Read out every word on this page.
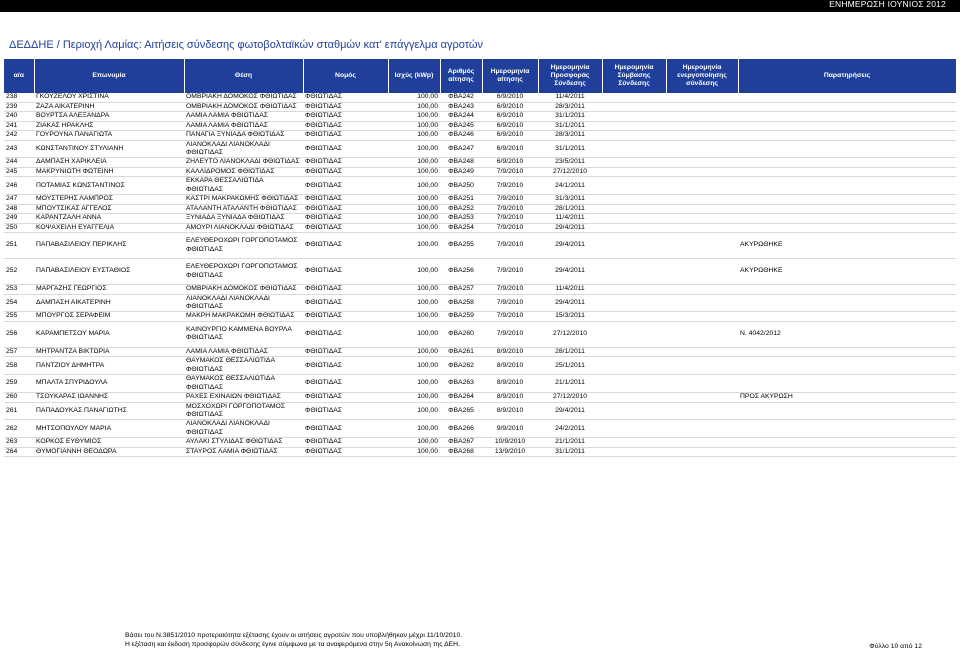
ΕΝΗΜΕΡΩΣΗ ΙΟΥΝΙΟΣ 2012
ΔΕΔΔΗΕ / Περιοχή Λαμίας: Αιτήσεις σύνδεσης φωτοβολταϊκών σταθμών κατ' επάγγελμα αγροτών
α/α	Επωνυμία	Θέση	Νομός	Ισχύς (kWp)	Αριθμός αίτησης	Ημερομηνία αίτησης	Ημερομηνία Προσφοράς Σύνδεσης	Ημερομηνία Σύμβασης Σύνδεσης	Ημερομηνία ενεργοποίησης σύνδεσης	Παρατηρήσεις
238	ΓΚΟΥΖΕΛΟΥ ΧΡΙΣΤΙΝΑ	ΟΜΒΡΙΑΚΗ ΔΟΜΟΚΟΣ ΦΘΙΩΤΙΔΑΣ	ΦΘΙΩΤΙΔΑΣ	100,00	ΦΒΑ242	6/9/2010	11/4/2011			
239	ΖΑΖΑ ΑΙΚΑΤΕΡΙΝΗ	ΟΜΒΡΙΑΚΗ ΔΟΜΟΚΟΣ ΦΘΙΩΤΙΔΑΣ	ΦΘΙΩΤΙΔΑΣ	100,00	ΦΒΑ243	6/9/2010	28/3/2011			
240	ΒΟΥΡΤΣΑ ΑΛΕΞΑΝΔΡΑ	ΛΑΜΙΑ ΛΑΜΙΑ ΦΘΙΩΤΙΔΑΣ	ΦΘΙΩΤΙΔΑΣ	100,00	ΦΒΑ244	6/9/2010	31/1/2011			
241	ΖΙΑΚΑΣ ΗΡΑΚΛΗΣ	ΛΑΜΙΑ ΛΑΜΙΑ ΦΘΙΩΤΙΔΑΣ	ΦΘΙΩΤΙΔΑΣ	100,00	ΦΒΑ245	6/9/2010	31/1/2011			
242	ΓΟΥΡΟΥΝΑ ΠΑΝΑΓΙΩΤΑ	ΠΑΝΑΓΙΑ ΞΥΝΙΑΔΑ ΦΘΙΩΤΙΔΑΣ	ΦΘΙΩΤΙΔΑΣ	100,00	ΦΒΑ246	6/9/2010	28/3/2011			
243	ΚΩΝΣΤΑΝΤΙΝΟΥ ΣΤΥΛΙΑΝΗ	ΛΙΑΝΟΚΛΑΔΙ ΛΙΑΝΟΚΛΑΔΙ ΦΘΙΩΤΙΔΑΣ	ΦΘΙΩΤΙΔΑΣ	100,00	ΦΒΑ247	6/9/2010	31/1/2011			
244	ΔΑΜΠΑΣΗ ΧΑΡΙΚΛΕΙΑ	ΖΗΛΕΥΤΟ ΛΙΑΝΟΚΛΑΔΙ ΦΘΙΩΤΙΔΑΣ	ΦΘΙΩΤΙΔΑΣ	100,00	ΦΒΑ248	6/9/2010	23/5/2011			
245	ΜΑΚΡΥΝΙΩΤΗ ΦΩΤΕΙΝΗ	ΚΑΛΛΙΔΡΟΜΟΣ ΦΘΙΩΤΙΔΑΣ	ΦΘΙΩΤΙΔΑΣ	100,00	ΦΒΑ249	7/9/2010	27/12/2010			
246	ΠΟΤΑΜΙΑΣ ΚΩΝΣΤΑΝΤΙΝΟΣ	ΕΚΚΑΡΑ ΘΕΣΣΑΛΙΩΤΙΔΑ ΦΘΙΩΤΙΔΑΣ	ΦΘΙΩΤΙΔΑΣ	100,00	ΦΒΑ250	7/9/2010	24/1/2011			
247	ΜΟΥΣΤΕΡΗΣ ΛΑΜΠΡΟΣ	ΚΑΣΤΡΙ ΜΑΚΡΑΚΩΜΗΣ ΦΘΙΩΤΙΔΑΣ	ΦΘΙΩΤΙΔΑΣ	100,00	ΦΒΑ251	7/9/2010	31/3/2011			
248	ΜΠΟΥΤΣΙΚΑΣ ΑΓΓΕΛΟΣ	ΑΤΑΛΑΝΤΗ ΑΤΑΛΑΝΤΗ ΦΘΙΩΤΙΔΑΣ	ΦΘΙΩΤΙΔΑΣ	100,00	ΦΒΑ252	7/9/2010	28/1/2011			
249	ΚΑΡΑΝΤΖΑΛΗ ΑΝΝΑ	ΞΥΝΙΑΔΑ ΞΥΝΙΑΔΑ ΦΘΙΩΤΙΔΑΣ	ΦΘΙΩΤΙΔΑΣ	100,00	ΦΒΑ253	7/9/2010	11/4/2011			
250	ΚΟΨΑΧΕΙΛΗ ΕΥΑΓΓΕΛΙΑ	ΑΜΟΥΡΙ ΛΙΑΝΟΚΛΑΔΙ ΦΘΙΩΤΙΔΑΣ	ΦΘΙΩΤΙΔΑΣ	100,00	ΦΒΑ254	7/9/2010	29/4/2011			
251	ΠΑΠΑΒΑΣΙΛΕΙΟΥ ΠΕΡΙΚΛΗΣ	ΕΛΕΥΘΕΡΟΧΩΡΙ ΓΟΡΓΟΠΟΤΑΜΟΣ ΦΘΙΩΤΙΔΑΣ	ΦΘΙΩΤΙΔΑΣ	100,00	ΦΒΑ255	7/9/2010	29/4/2011			ΑΚΥΡΩΘΗΚΕ
252	ΠΑΠΑΒΑΣΙΛΕΙΟΥ ΕΥΣΤΑΘΙΟΣ	ΕΛΕΥΘΕΡΟΧΩΡΙ ΓΟΡΓΟΠΟΤΑΜΟΣ ΦΘΙΩΤΙΔΑΣ	ΦΘΙΩΤΙΔΑΣ	100,00	ΦΒΑ256	7/9/2010	29/4/2011			ΑΚΥΡΩΘΗΚΕ
253	ΜΑΡΓΑΖΗΣ ΓΕΩΡΓΙΟΣ	ΟΜΒΡΙΑΚΗ ΔΟΜΟΚΟΣ ΦΘΙΩΤΙΔΑΣ	ΦΘΙΩΤΙΔΑΣ	100,00	ΦΒΑ257	7/9/2010	11/4/2011			
254	ΔΑΜΠΑΣΗ ΑΙΚΑΤΕΡΙΝΗ	ΛΙΑΝΟΚΛΑΔΙ ΛΙΑΝΟΚΛΑΔΙ ΦΘΙΩΤΙΔΑΣ	ΦΘΙΩΤΙΔΑΣ	100,00	ΦΒΑ258	7/9/2010	29/4/2011			
255	ΜΠΟΥΡΓΟΣ ΣΕΡΑΦΕΙΜ	ΜΑΚΡΗ ΜΑΚΡΑΚΩΜΗ ΦΘΙΩΤΙΔΑΣ	ΦΘΙΩΤΙΔΑΣ	100,00	ΦΒΑ259	7/9/2010	15/3/2011			
256	ΚΑΡΑΜΠΕΤΣΟΥ ΜΑΡΙΑ	ΚΑΙΝΟΥΡΓΙΟ ΚΑΜΜΕΝΑ ΒΟΥΡΛΑ ΦΘΙΩΤΙΔΑΣ	ΦΘΙΩΤΙΔΑΣ	100,00	ΦΒΑ260	7/9/2010	27/12/2010			Ν. 4042/2012
257	ΜΗΤΡΑΝΤΖΑ ΒΙΚΤΩΡΙΑ	ΛΑΜΙΑ ΛΑΜΙΑ ΦΘΙΩΤΙΔΑΣ	ΦΘΙΩΤΙΔΑΣ	100,00	ΦΒΑ261	8/9/2010	28/1/2011			
258	ΠΑΝΤΖΙΟΥ ΔΗΜΗΤΡΑ	ΘΑΥΜΑΚΟΣ ΘΕΣΣΑΛΙΩΤΙΔΑ ΦΘΙΩΤΙΔΑΣ	ΦΘΙΩΤΙΔΑΣ	100,00	ΦΒΑ262	8/9/2010	25/1/2011			
259	ΜΠΑΛΤΑ ΣΠΥΡΙΔΟΥΛΑ	ΘΑΥΜΑΚΟΣ ΘΕΣΣΑΛΙΩΤΙΔΑ ΦΘΙΩΤΙΔΑΣ	ΦΘΙΩΤΙΔΑΣ	100,00	ΦΒΑ263	8/9/2010	21/1/2011			
260	ΤΣΟΥΚΑΡΑΣ ΙΩΑΝΝΗΣ	ΡΑΧΕΣ ΕΧΙΝΑΙΩΝ ΦΘΙΩΤΙΔΑΣ	ΦΘΙΩΤΙΔΑΣ	100,00	ΦΒΑ264	8/9/2010	27/12/2010			ΠΡΟΣ ΑΚΥΡΩΣΗ
261	ΠΑΠΑΔΟΥΚΑΣ ΠΑΝΑΓΙΩΤΗΣ	ΜΟΣΧΟΧΩΡΙ ΓΟΡΓΟΠΟΤΑΜΟΣ ΦΘΙΩΤΙΔΑΣ	ΦΘΙΩΤΙΔΑΣ	100,00	ΦΒΑ265	8/9/2010	29/4/2011			
262	ΜΗΤΣΟΠΟΥΛΟΥ ΜΑΡΙΑ	ΛΙΑΝΟΚΛΑΔΙ ΛΙΑΝΟΚΛΑΔΙ ΦΘΙΩΤΙΔΑΣ	ΦΘΙΩΤΙΔΑΣ	100,00	ΦΒΑ266	9/9/2010	24/2/2011			
263	ΚΟΡΚΟΣ ΕΥΘΥΜΙΟΣ	ΑΥΛΑΚΙ ΣΤΥΛΙΔΑΣ ΦΘΙΩΤΙΔΑΣ	ΦΘΙΩΤΙΔΑΣ	100,00	ΦΒΑ267	10/9/2010	21/1/2011			
264	ΘΥΜΟΓΙΑΝΝΗ ΘΕΟΔΩΡΑ	ΣΤΑΥΡΟΣ ΛΑΜΙΑ ΦΘΙΩΤΙΔΑΣ	ΦΘΙΩΤΙΔΑΣ	100,00	ΦΒΑ268	13/9/2010	31/1/2011			
Βάσει του Ν.3851/2010 προτεραιότητα εξέτασης έχουν οι αιτήσεις αγροτών που υποβλήθηκαν μέχρι 11/10/2010.
Η εξέταση και έκδοση προσφορών σύνδεσης έγινε σύμφωνα με τα αναφερόμενα στην 5η Ανακοίνωση της ΔΕΗ.	Φύλλο 10 από 12
